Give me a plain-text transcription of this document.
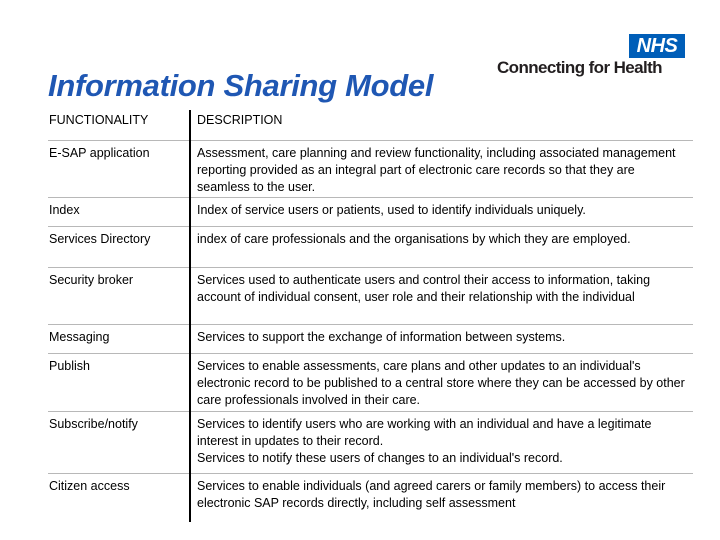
NHS
Connecting for Health
Information Sharing Model
FUNCTIONALITY	DESCRIPTION
E-SAP application	Assessment, care planning and review functionality, including associated management reporting provided as an integral part of electronic care records so that they are seamless to the user.
Index	Index of service users or patients, used to identify individuals uniquely.
Services Directory	index of care professionals and the organisations by which they are employed.
Security broker	Services used to authenticate users and control their access to information, taking account of individual consent, user role and their relationship with the individual
Messaging	Services to support the exchange of information between systems.
Publish	Services to enable assessments, care plans and other updates to an individual's electronic record to be published to a central store where they can be accessed by other care professionals involved in their care.
Subscribe/notify	Services to identify users who are working with an individual and have a legitimate interest in updates to their record.
Services to notify these users of changes to an individual's record.
Citizen access	Services to enable individuals (and agreed carers or family members) to access their electronic SAP records directly, including self assessment
